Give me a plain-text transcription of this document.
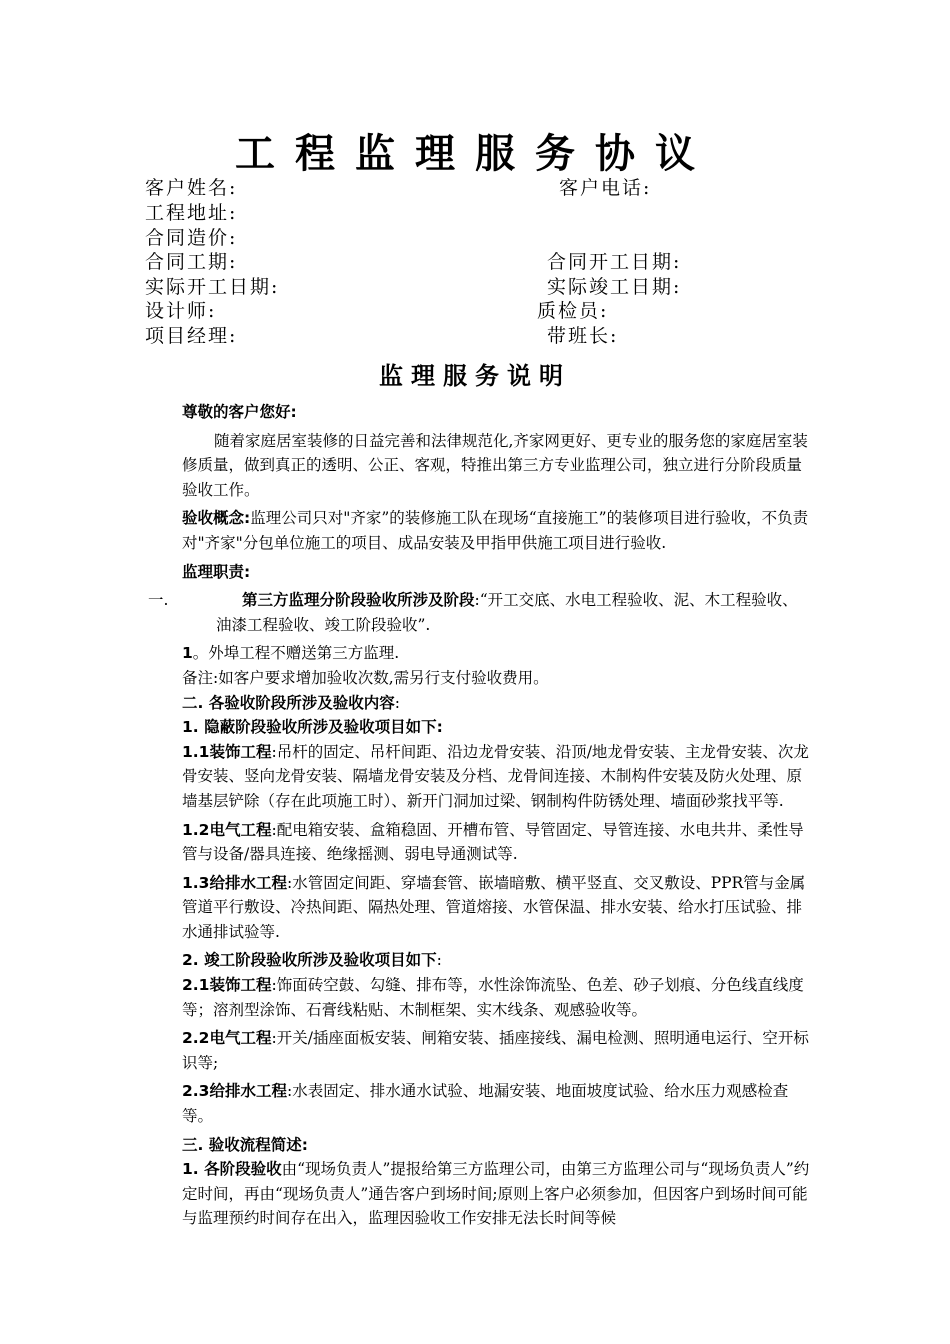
工程监理服务协议
客户姓名:	客户电话:
工程地址:
合同造价:
合同工期:	合同开工日期:
实际开工日期:	实际竣工日期:
设计师:	质检员:
项目经理:	带班长:
监理服务说明

尊敬的客户您好:

随着家庭居室装修的日益完善和法律规范化,齐家网更好、更专业的服务您的家庭居室装修质量，做到真正的透明、公正、客观，特推出第三方专业监理公司，独立进行分阶段质量验收工作。

验收概念:监理公司只对"齐家”的装修施工队在现场“直接施工”的装修项目进行验收，不负责对"齐家"分包单位施工的项目、成品安装及甲指甲供施工项目进行验收.

监理职责:

一.	第三方监理分阶段验收所涉及阶段:“开工交底、水电工程验收、泥、木工程验收、油漆工程验收、竣工阶段验收”.

1。外埠工程不赠送第三方监理.

备注:如客户要求增加验收次数,需另行支付验收费用。

二. 各验收阶段所涉及验收内容:

1. 隐蔽阶段验收所涉及验收项目如下:

1.1装饰工程:吊杆的固定、吊杆间距、沿边龙骨安装、沿顶/地龙骨安装、主龙骨安装、次龙骨安装、竖向龙骨安装、隔墙龙骨安装及分档、龙骨间连接、木制构件安装及防火处理、原墙基层铲除（存在此项施工时）、新开门洞加过梁、钢制构件防锈处理、墙面砂浆找平等.

1.2电气工程:配电箱安装、盒箱稳固、开槽布管、导管固定、导管连接、水电共井、柔性导管与设备/器具连接、绝缘摇测、弱电导通测试等.

1.3给排水工程:水管固定间距、穿墙套管、嵌墙暗敷、横平竖直、交叉敷设、PPR管与金属管道平行敷设、冷热间距、隔热处理、管道熔接、水管保温、排水安装、给水打压试验、排水通排试验等.

2. 竣工阶段验收所涉及验收项目如下:

2.1装饰工程:饰面砖空鼓、勾缝、排布等，水性涂饰流坠、色差、砂子划痕、分色线直线度等；溶剂型涂饰、石膏线粘贴、木制框架、实木线条、观感验收等。

2.2电气工程:开关/插座面板安装、闸箱安装、插座接线、漏电检测、照明通电运行、空开标识等;

2.3给排水工程:水表固定、排水通水试验、地漏安装、地面坡度试验、给水压力观感检查等。

三. 验收流程简述:

1. 各阶段验收由“现场负责人”提报给第三方监理公司，由第三方监理公司与“现场负责人”约定时间，再由“现场负责人”通告客户到场时间;原则上客户必须参加，但因客户到场时间可能与监理预约时间存在出入，监理因验收工作安排无法长时间等候
